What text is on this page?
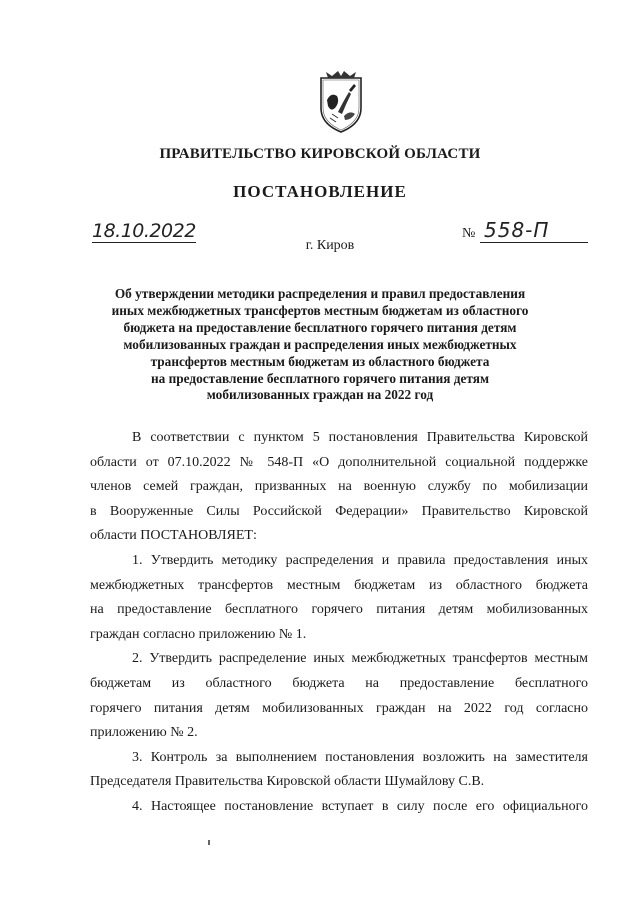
ПРАВИТЕЛЬСТВО КИРОВСКОЙ ОБЛАСТИ
ПОСТАНОВЛЕНИЕ
18.10.2022	№ 558-П
г. Киров
Об утверждении методики распределения и правил предоставления
иных межбюджетных трансфертов местным бюджетам из областного
бюджета на предоставление бесплатного горячего питания детям
мобилизованных граждан и распределения иных межбюджетных
трансфертов местным бюджетам из областного бюджета
на предоставление бесплатного горячего питания детям
мобилизованных граждан на 2022 год
В соответствии с пунктом 5 постановления Правительства Кировской
области от 07.10.2022 № 548-П «О дополнительной социальной поддержке
членов семей граждан, призванных на военную службу по мобилизации
в Вооруженные Силы Российской Федерации» Правительство Кировской
области ПОСТАНОВЛЯЕТ:
1. Утвердить методику распределения и правила предоставления иных
межбюджетных трансфертов местным бюджетам из областного бюджета
на предоставление бесплатного горячего питания детям мобилизованных
граждан согласно приложению № 1.
2. Утвердить распределение иных межбюджетных трансфертов местным
бюджетам из областного бюджета на предоставление бесплатного
горячего питания детям мобилизованных граждан на 2022 год согласно
приложению № 2.
3. Контроль за выполнением постановления возложить на заместителя
Председателя Правительства Кировской области Шумайлову С.В.
4. Настоящее постановление вступает в силу после его официального
